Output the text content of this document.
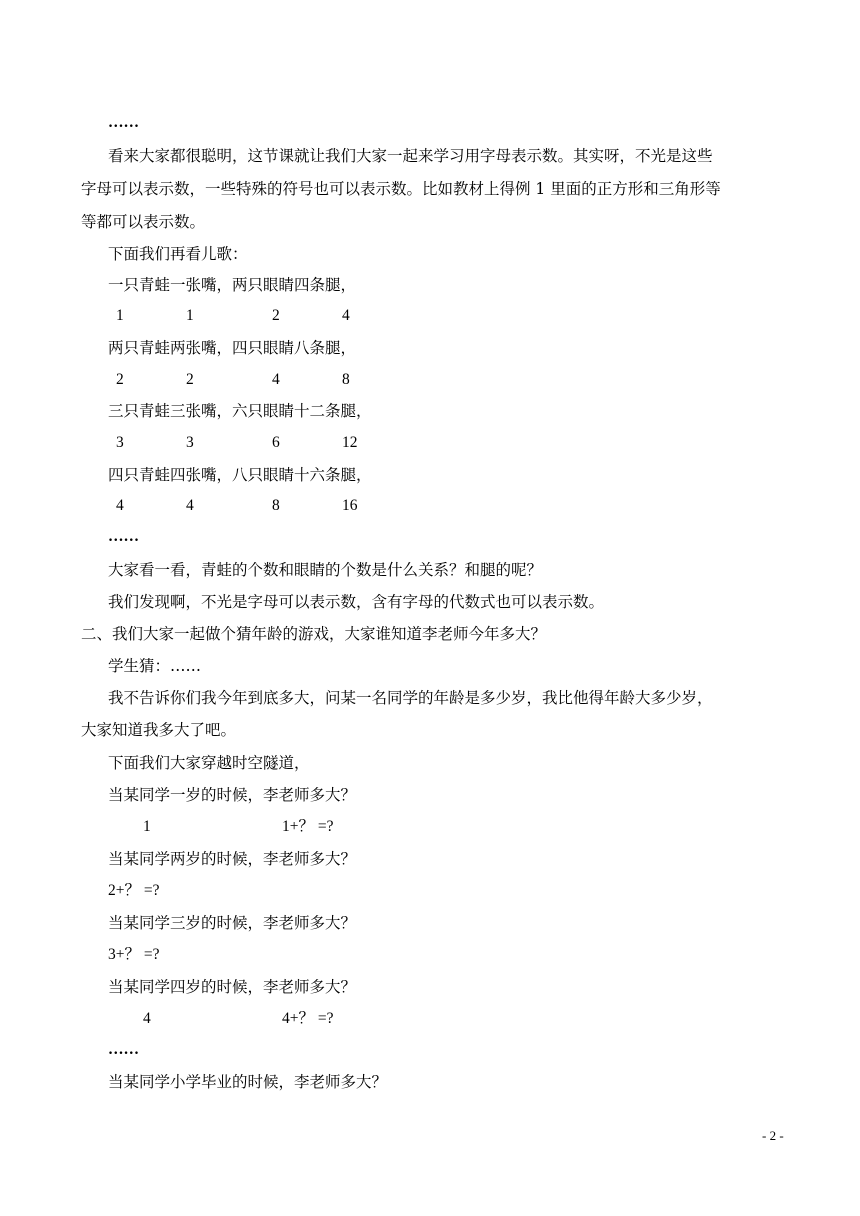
……
看来大家都很聪明，这节课就让我们大家一起来学习用字母表示数。其实呀，不光是这些
字母可以表示数，一些特殊的符号也可以表示数。比如教材上得例 1 里面的正方形和三角形等
等都可以表示数。
下面我们再看儿歌：
一只青蛙一张嘴，两只眼睛四条腿，
1	1	2	4
两只青蛙两张嘴，四只眼睛八条腿，
2	2	4	8
三只青蛙三张嘴，六只眼睛十二条腿，
3	3	6	12
四只青蛙四张嘴，八只眼睛十六条腿，
4	4	8	16
……
大家看一看，青蛙的个数和眼睛的个数是什么关系？和腿的呢？
我们发现啊，不光是字母可以表示数，含有字母的代数式也可以表示数。
二、我们大家一起做个猜年龄的游戏，大家谁知道李老师今年多大？
学生猜：……
我不告诉你们我今年到底多大，问某一名同学的年龄是多少岁，我比他得年龄大多少岁，
大家知道我多大了吧。
下面我们大家穿越时空隧道，
当某同学一岁的时候，李老师多大？
1	1+？ =?
当某同学两岁的时候，李老师多大？
2+？ =?
当某同学三岁的时候，李老师多大？
3+？ =?
当某同学四岁的时候，李老师多大？
4	4+？ =?
……
当某同学小学毕业的时候，李老师多大？
- 2 -
